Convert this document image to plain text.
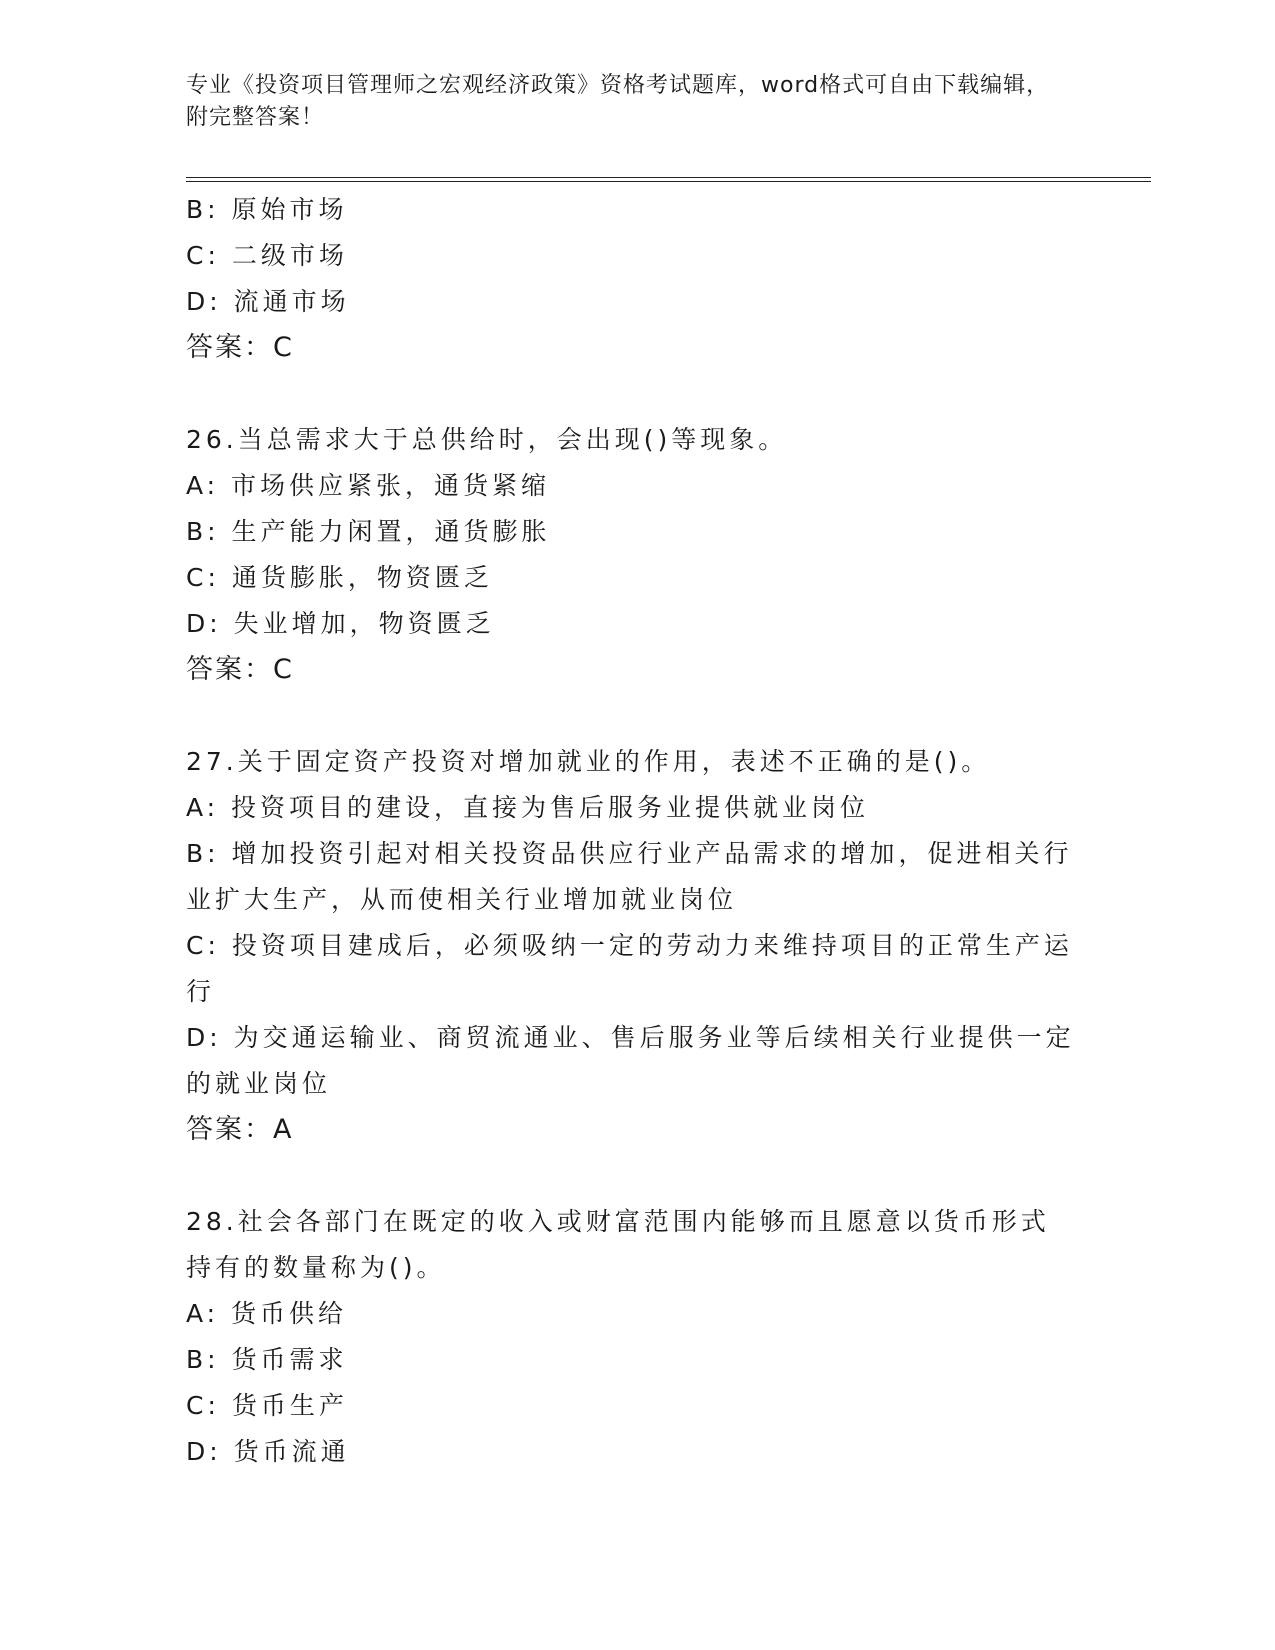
专业《投资项目管理师之宏观经济政策》资格考试题库，word格式可自由下载编辑，附完整答案！
B: 原始市场
C: 二级市场
D: 流通市场
答案：C
26.当总需求大于总供给时，会出现()等现象。
A: 市场供应紧张，通货紧缩
B: 生产能力闲置，通货膨胀
C: 通货膨胀，物资匮乏
D: 失业增加，物资匮乏
答案：C
27.关于固定资产投资对增加就业的作用，表述不正确的是()。
A: 投资项目的建设，直接为售后服务业提供就业岗位
B: 增加投资引起对相关投资品供应行业产品需求的增加，促进相关行业扩大生产，从而使相关行业增加就业岗位
C: 投资项目建成后，必须吸纳一定的劳动力来维持项目的正常生产运行
D: 为交通运输业、商贸流通业、售后服务业等后续相关行业提供一定的就业岗位
答案：A
28.社会各部门在既定的收入或财富范围内能够而且愿意以货币形式持有的数量称为()。
A: 货币供给
B: 货币需求
C: 货币生产
D: 货币流通
